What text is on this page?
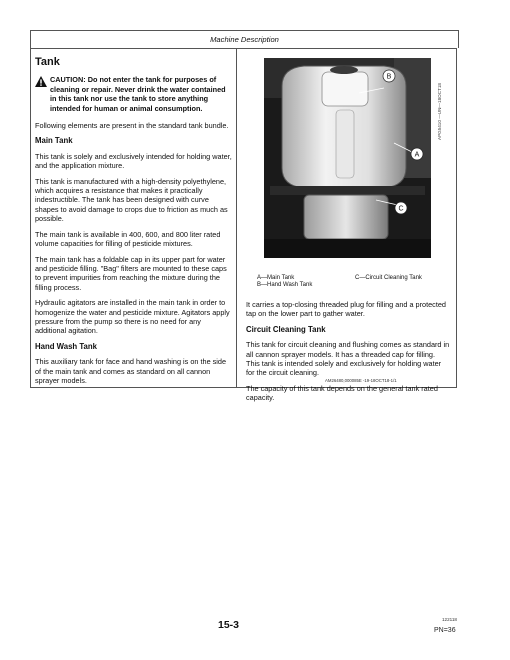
Machine Description
Tank
CAUTION: Do not enter the tank for purposes of cleaning or repair. Never drink the water contained in this tank nor use the tank to store anything intended for human or animal consumption.

Following elements are present in the standard tank bundle.

Main Tank

This tank is solely and exclusively intended for holding water, and the application mixture.

This tank is manufactured with a high-density polyethylene, which acquires a resistance that makes it practically indestructible. The tank has been designed with curve shapes to avoid damage to crops due to friction as much as possible.

The main tank is available in 400, 600, and 800 liter rated volume capacities for filling of pesticide mixtures.

The main tank has a foldable cap in its upper part for water and pesticide filling. "Bag" filters are mounted to these caps to prevent impurities from reaching the mixture during the filling process.

Hydraulic agitators are installed in the main tank in order to homogenize the water and pesticide mixture. Agitators apply pressure from the pump so there is no need for any additional agitation.

Hand Wash Tank

This auxiliary tank for face and hand washing is on the side of the main tank and comes as standard on all cannon sprayer models.

B
A
C
APG5410 —UN—18OCT18
A—Main Tank
B—Hand Wash Tank
C—Circuit Cleaning Tank

It carries a top-closing threaded plug for filling and a protected tap on the lower part to gather water.

Circuit Cleaning Tank

This tank for circuit cleaning and flushing comes as standard in all cannon sprayer models. It has a threaded cap for filling. This tank is intended solely and exclusively for holding water for the circuit cleaning.

The capacity of this tank depends on the general tank rated capacity.

AM26480,000085E -19-18OCT18-1/1
15-3	122118
PN=36
